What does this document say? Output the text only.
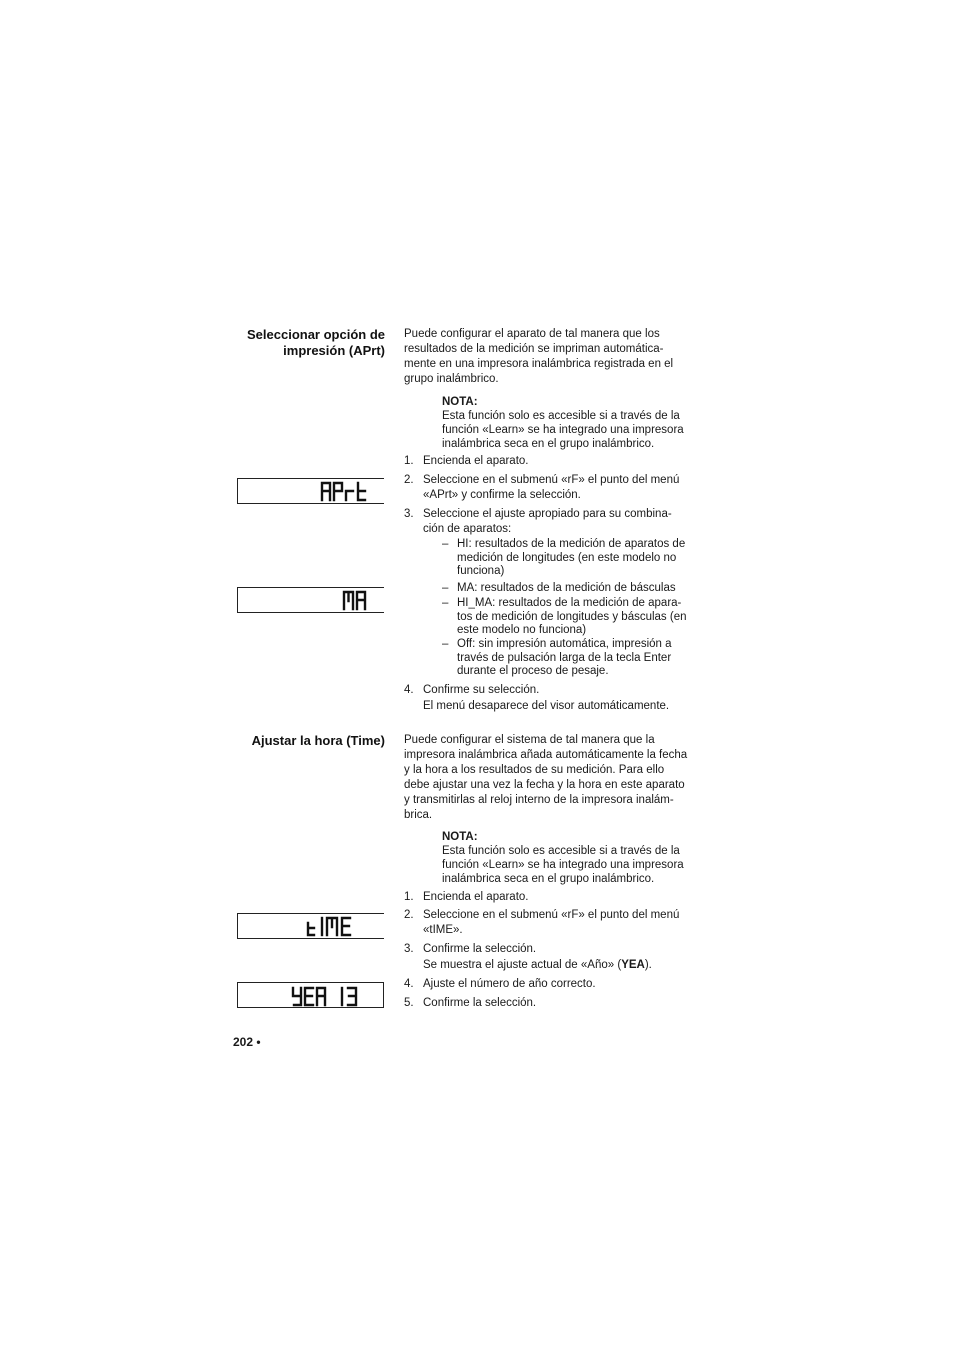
Seleccionar opción de
impresión (APrt)
Puede configurar el aparato de tal manera que los
resultados de la medición se impriman automática-
mente en una impresora inalámbrica registrada en el
grupo inalámbrico.
NOTA:
Esta función solo es accesible si a través de la
función «Learn» se ha integrado una impresora
inalámbrica seca en el grupo inalámbrico.
1. Encienda el aparato.
2. Seleccione en el submenú «rF» el punto del menú
«APrt» y confirme la selección.
3. Seleccione el ajuste apropiado para su combina-
ción de aparatos:
– HI: resultados de la medición de aparatos de
medición de longitudes (en este modelo no
funciona)
– MA: resultados de la medición de básculas
– HI_MA: resultados de la medición de apara-
tos de medición de longitudes y básculas (en
este modelo no funciona)
– Off: sin impresión automática, impresión a
través de pulsación larga de la tecla Enter
durante el proceso de pesaje.
4. Confirme su selección.
El menú desaparece del visor automáticamente.
Ajustar la hora (Time) Puede configurar el sistema de tal manera que la
impresora inalámbrica añada automáticamente la fecha
y la hora a los resultados de su medición. Para ello
debe ajustar una vez la fecha y la hora en este aparato
y transmitirlas al reloj interno de la impresora inalám-
brica.
NOTA:
Esta función solo es accesible si a través de la
función «Learn» se ha integrado una impresora
inalámbrica seca en el grupo inalámbrico.
1. Encienda el aparato.
2. Seleccione en el submenú «rF» el punto del menú
«tIME».
3. Confirme la selección.
Se muestra el ajuste actual de «Año» (YEA).
4. Ajuste el número de año correcto.
5. Confirme la selección.
202 •
